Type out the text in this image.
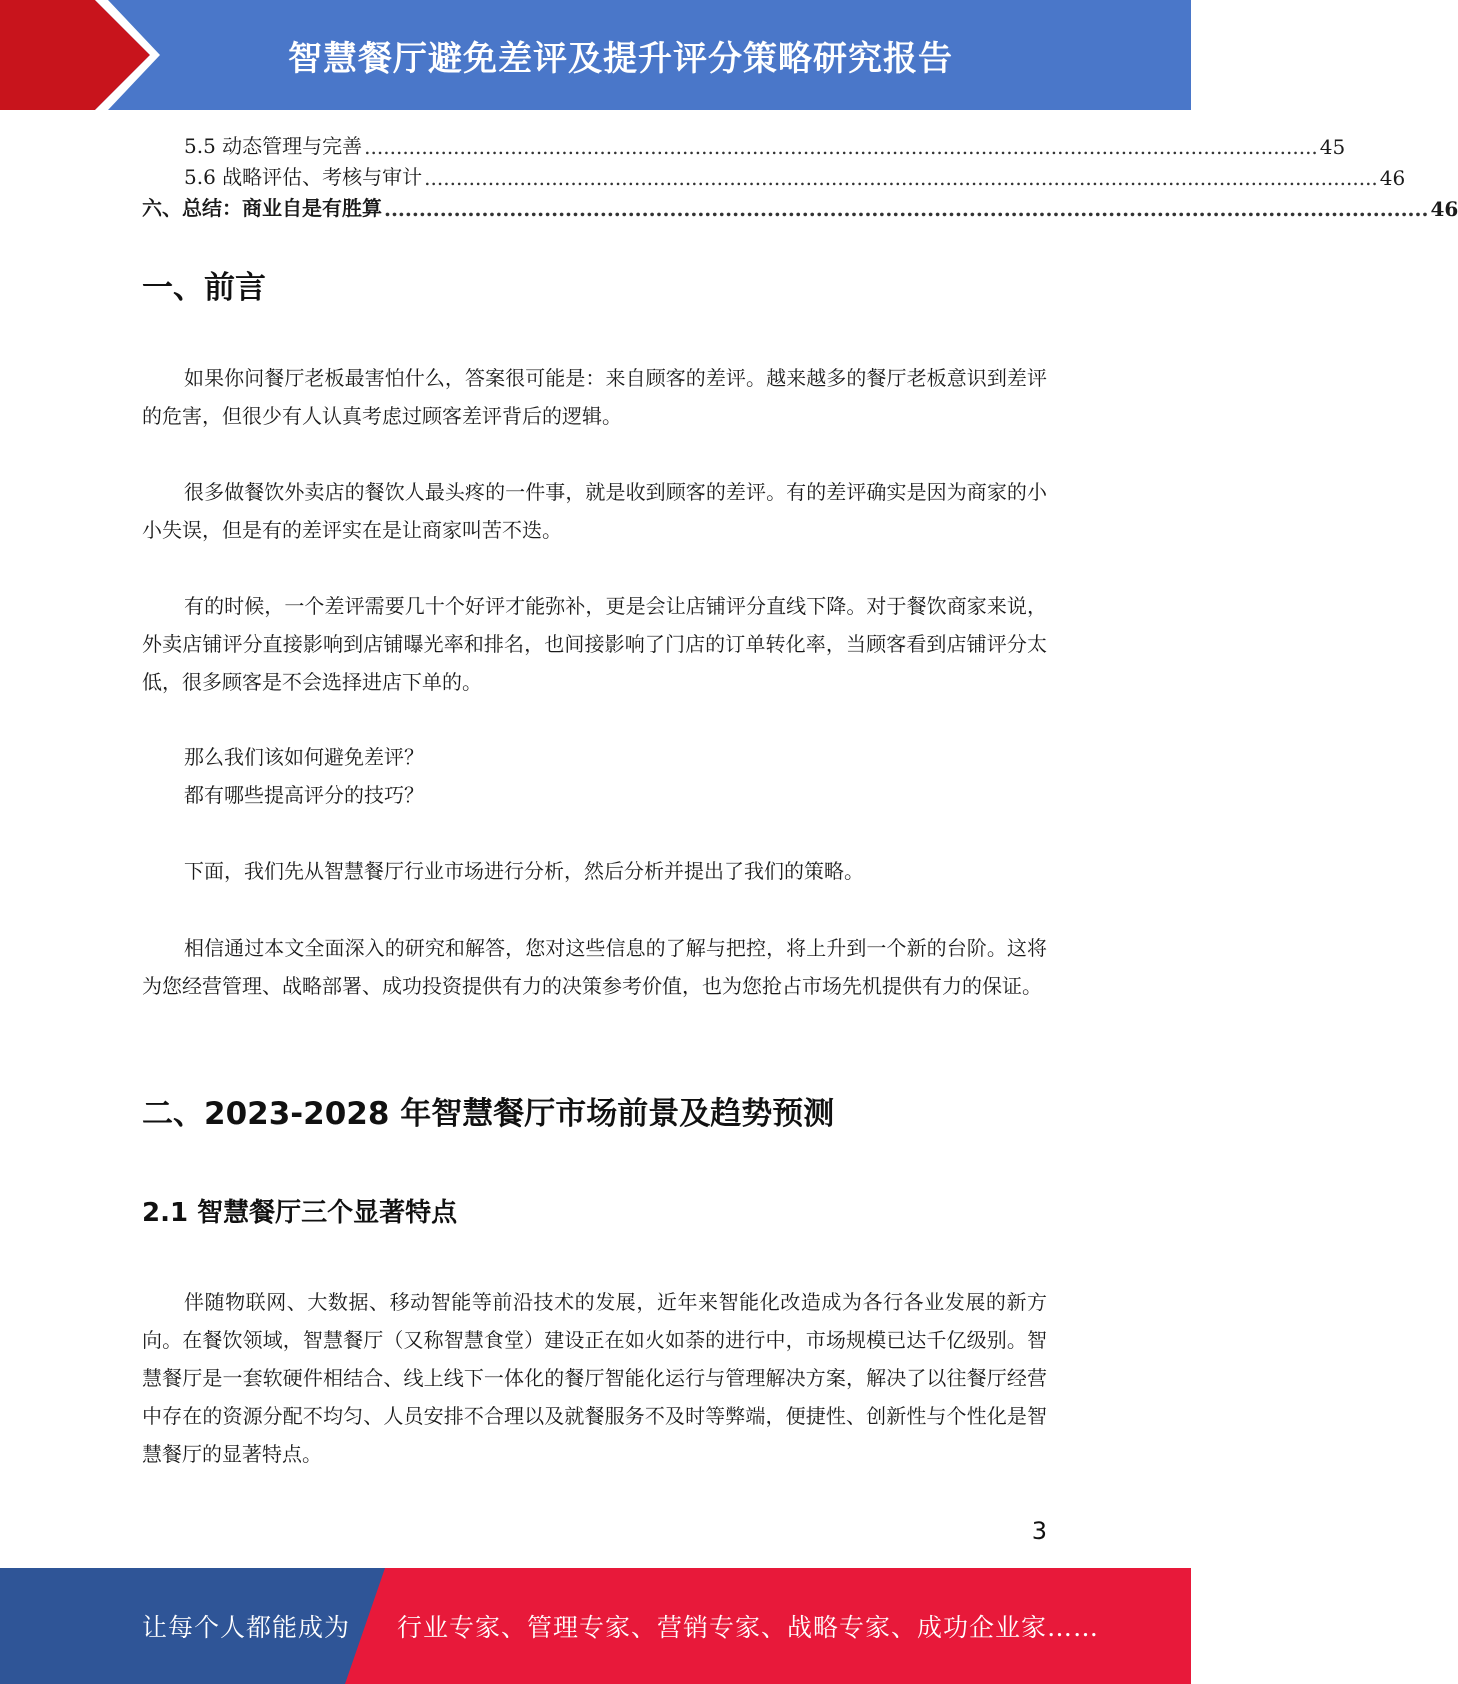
智慧餐厅避免差评及提升评分策略研究报告
5.5 动态管理与完善 ...................................................................................................................................................... 45
5.6 战略评估、考核与审计 ...................................................................................................................................................... 46
六、总结：商业自是有胜算 ...................................................................................................................................................... 46
一、前言

如果你问餐厅老板最害怕什么，答案很可能是：来自顾客的差评。越来越多的餐厅老板意识到差评的危害，但很少有人认真考虑过顾客差评背后的逻辑。

很多做餐饮外卖店的餐饮人最头疼的一件事，就是收到顾客的差评。有的差评确实是因为商家的小小失误，但是有的差评实在是让商家叫苦不迭。

有的时候，一个差评需要几十个好评才能弥补，更是会让店铺评分直线下降。对于餐饮商家来说，外卖店铺评分直接影响到店铺曝光率和排名，也间接影响了门店的订单转化率，当顾客看到店铺评分太低，很多顾客是不会选择进店下单的。

那么我们该如何避免差评？

都有哪些提高评分的技巧？

下面，我们先从智慧餐厅行业市场进行分析，然后分析并提出了我们的策略。

相信通过本文全面深入的研究和解答，您对这些信息的了解与把控，将上升到一个新的台阶。这将为您经营管理、战略部署、成功投资提供有力的决策参考价值，也为您抢占市场先机提供有力的保证。

二、2023-2028 年智慧餐厅市场前景及趋势预测
2.1 智慧餐厅三个显著特点

伴随物联网、大数据、移动智能等前沿技术的发展，近年来智能化改造成为各行各业发展的新方向。在餐饮领域，智慧餐厅（又称智慧食堂）建设正在如火如荼的进行中，市场规模已达千亿级别。智慧餐厅是一套软硬件相结合、线上线下一体化的餐厅智能化运行与管理解决方案，解决了以往餐厅经营中存在的资源分配不均匀、人员安排不合理以及就餐服务不及时等弊端，便捷性、创新性与个性化是智慧餐厅的显著特点。

3
让每个人都能成为 行业专家、管理专家、营销专家、战略专家、成功企业家……
